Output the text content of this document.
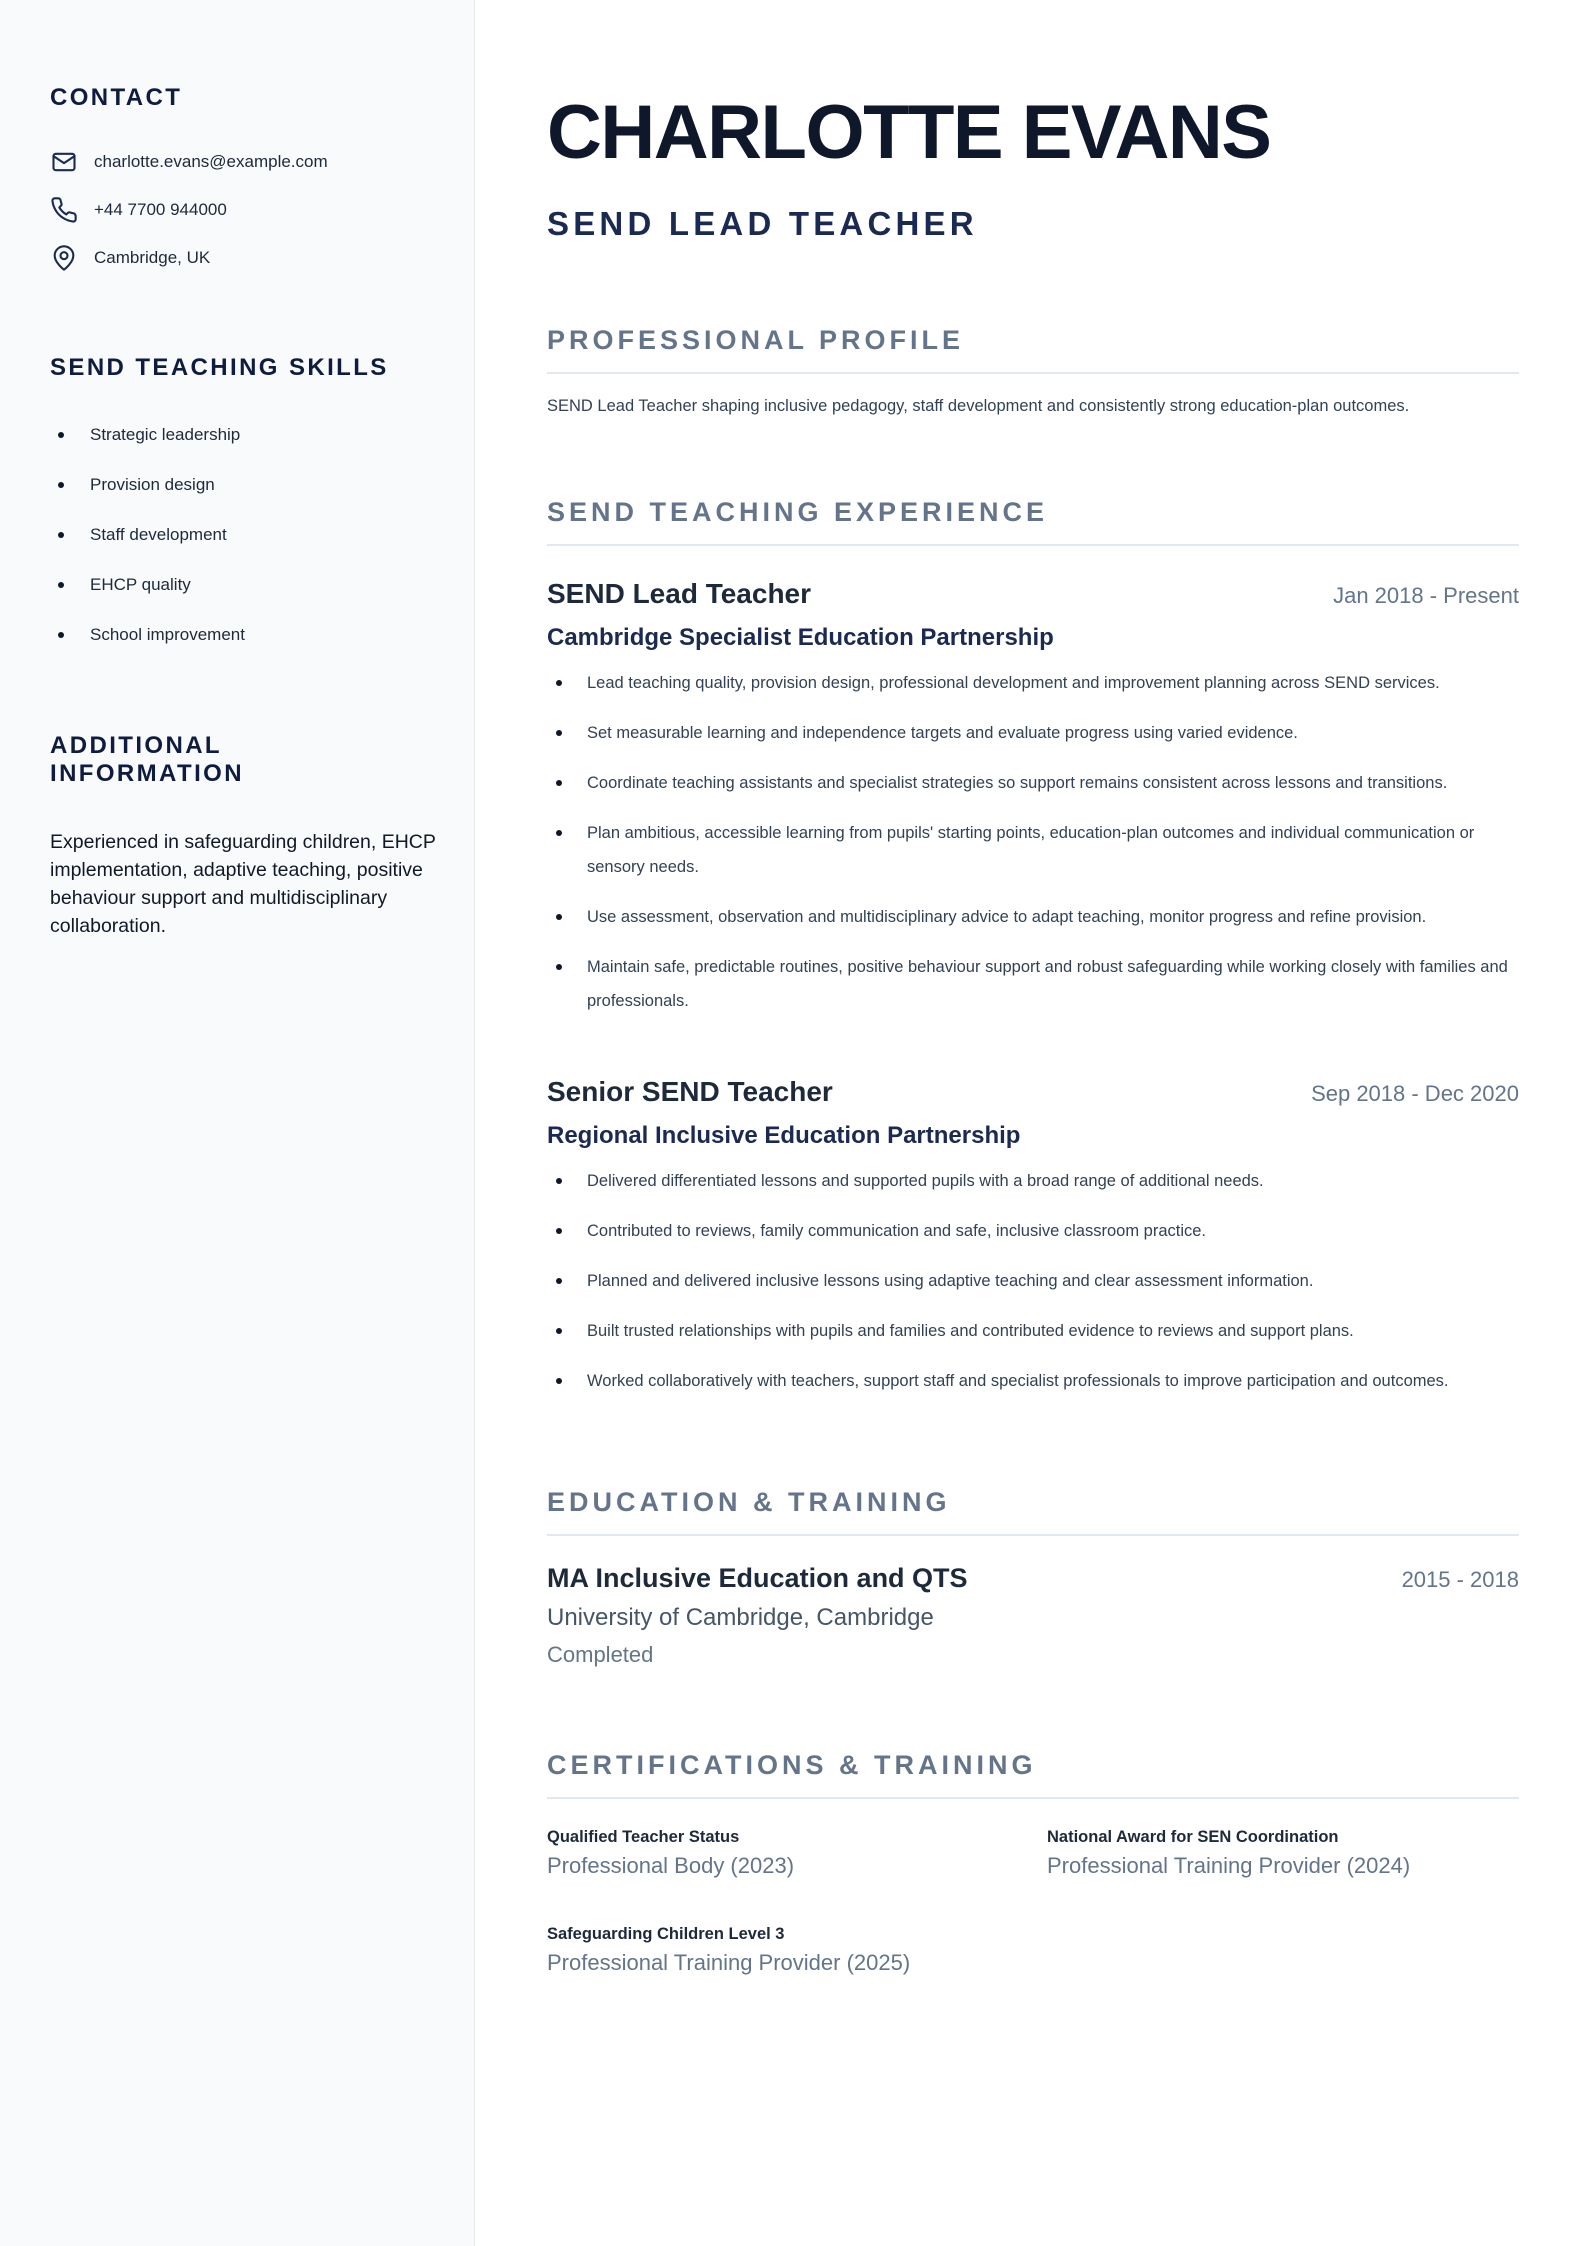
CONTACT
charlotte.evans@example.com
+44 7700 944000
Cambridge, UK
SEND TEACHING SKILLS
Strategic leadership
Provision design
Staff development
EHCP quality
School improvement
ADDITIONAL INFORMATION

Experienced in safeguarding children, EHCP implementation, adaptive teaching, positive behaviour support and multidisciplinary collaboration.

CHARLOTTE EVANS
SEND LEAD TEACHER
PROFESSIONAL PROFILE

SEND Lead Teacher shaping inclusive pedagogy, staff development and consistently strong education-plan outcomes.

SEND TEACHING EXPERIENCE
SEND Lead Teacher	Jan 2018 - Present
Cambridge Specialist Education Partnership
Lead teaching quality, provision design, professional development and improvement planning across SEND services.
Set measurable learning and independence targets and evaluate progress using varied evidence.
Coordinate teaching assistants and specialist strategies so support remains consistent across lessons and transitions.
Plan ambitious, accessible learning from pupils' starting points, education-plan outcomes and individual communication or sensory needs.
Use assessment, observation and multidisciplinary advice to adapt teaching, monitor progress and refine provision.
Maintain safe, predictable routines, positive behaviour support and robust safeguarding while working closely with families and professionals.
Senior SEND Teacher	Sep 2018 - Dec 2020
Regional Inclusive Education Partnership
Delivered differentiated lessons and supported pupils with a broad range of additional needs.
Contributed to reviews, family communication and safe, inclusive classroom practice.
Planned and delivered inclusive lessons using adaptive teaching and clear assessment information.
Built trusted relationships with pupils and families and contributed evidence to reviews and support plans.
Worked collaboratively with teachers, support staff and specialist professionals to improve participation and outcomes.
EDUCATION & TRAINING
MA Inclusive Education and QTS	2015 - 2018
University of Cambridge, Cambridge
Completed
CERTIFICATIONS & TRAINING
Qualified Teacher Status
Professional Body (2023)
National Award for SEN Coordination
Professional Training Provider (2024)
Safeguarding Children Level 3
Professional Training Provider (2025)
